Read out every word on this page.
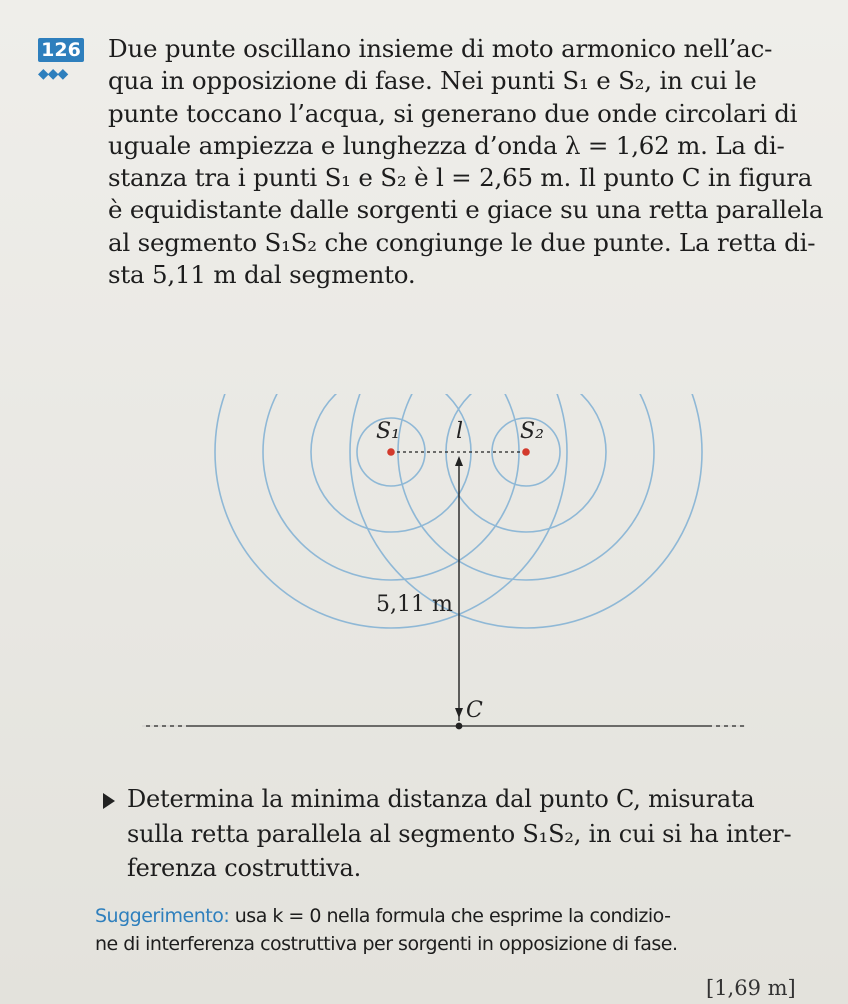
126
◆◆◆

Due punte oscillano insieme di moto armonico nell’ac-
qua in opposizione di fase. Nei punti S₁ e S₂, in cui le
punte toccano l’acqua, si generano due onde circolari di
uguale ampiezza e lunghezza d’onda λ = 1,62 m. La di-
stanza tra i punti S₁ e S₂ è l = 2,65 m. Il punto C in figura
è equidistante dalle sorgenti e giace su una retta parallela
al segmento S₁S₂ che congiunge le due punte. La retta di-
sta 5,11 m dal segmento.

S₁	S₂
l
5,11 m
C

Determina la minima distanza dal punto C, misurata
sulla retta parallela al segmento S₁S₂, in cui si ha inter-
ferenza costruttiva.

Suggerimento: usa k = 0 nella formula che esprime la condizio-
ne di interferenza costruttiva per sorgenti in opposizione di fase.

[1,69 m]
